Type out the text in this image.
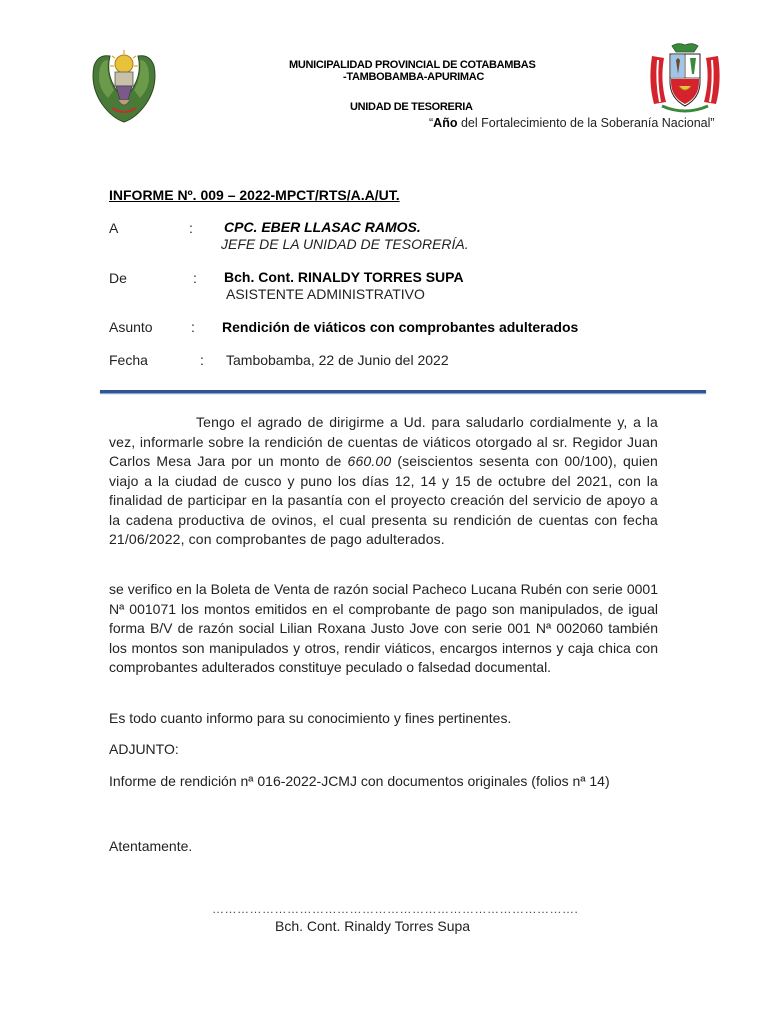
MUNICIPALIDAD PROVINCIAL DE COTABAMBAS
-TAMBOBAMBA-APURIMAC
UNIDAD DE TESORERIA
“Año del Fortalecimiento de la Soberanía Nacional”
INFORME Nº. 009 – 2022-MPCT/RTS/A.A/UT.
A	: CPC. EBER LLASAC RAMOS.
JEFE DE LA UNIDAD DE TESORERÍA.
De	: Bch. Cont. RINALDY TORRES SUPA
ASISTENTE ADMINISTRATIVO
Asunto	: Rendición de viáticos con comprobantes adulterados
Fecha	: Tambobamba, 22 de Junio del 2022
Tengo el agrado de dirigirme a Ud. para saludarlo cordialmente y, a la vez, informarle sobre la rendición de cuentas de viáticos otorgado al sr. Regidor Juan Carlos Mesa Jara por un monto de 660.00 (seiscientos sesenta con 00/100), quien viajo a la ciudad de cusco y puno los días 12, 14 y 15 de octubre del 2021, con la finalidad de participar en la pasantía con el proyecto creación del servicio de apoyo a la cadena productiva de ovinos, el cual presenta su rendición de cuentas con fecha 21/06/2022, con comprobantes de pago adulterados.
se verifico en la Boleta de Venta de razón social Pacheco Lucana Rubén con serie 0001 Nª 001071 los montos emitidos en el comprobante de pago son manipulados, de igual forma B/V de razón social Lilian Roxana Justo Jove con serie 001 Nª 002060 también los montos son manipulados y otros, rendir viáticos, encargos internos y caja chica con comprobantes adulterados constituye peculado o falsedad documental.
Es todo cuanto informo para su conocimiento y fines pertinentes.
ADJUNTO:
Informe de rendición nª 016-2022-JCMJ con documentos originales (folios nª 14)
Atentamente.
…………………………………………………………………………….
Bch. Cont. Rinaldy Torres Supa
